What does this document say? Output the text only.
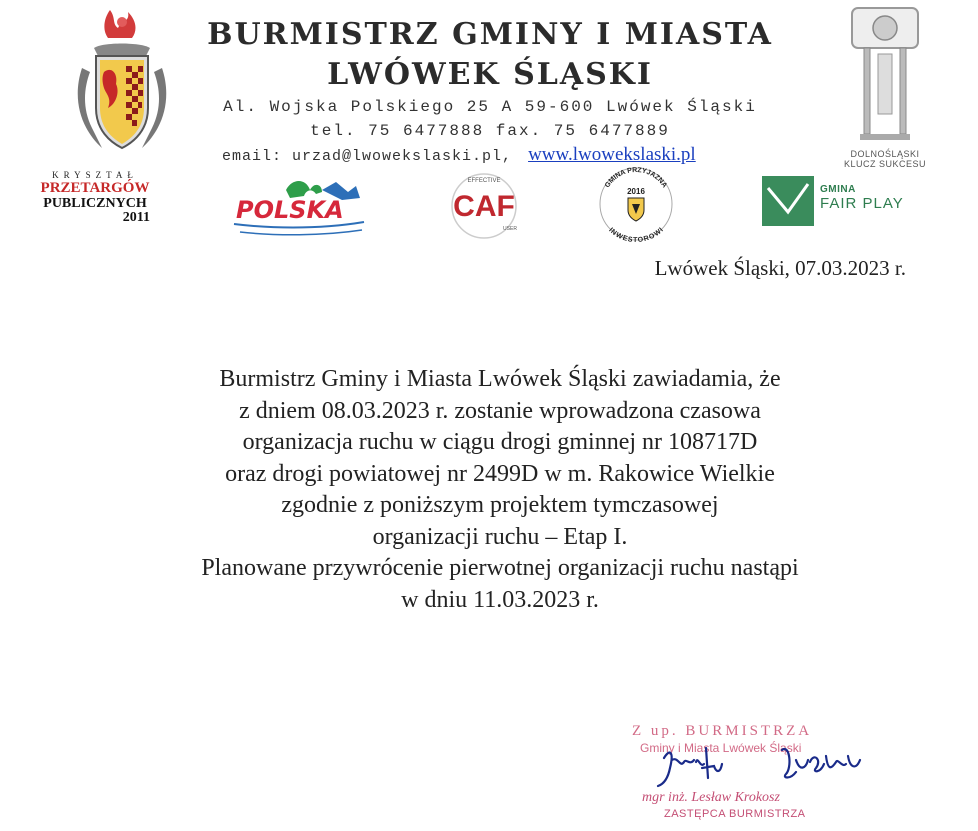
KRYSZTAŁ
PRZETARGÓW
PUBLICZNYCH
2011
BURMISTRZ GMINY I MIASTA
LWÓWEK ŚLĄSKI
Al. Wojska Polskiego 25 A 59-600 Lwówek Śląski
tel. 75 6477888 fax. 75 6477889
email: urzad@lwowekslaski.pl, www.lwowekslaski.pl
POLSKA
EFFECTIVE
CAF
USER
GMINA PRZYJAZNA
INWESTOROWI
2016	GMINA
FAIR PLAY
DOLNOŚLĄSKI
KLUCZ SUKCESU
Lwówek Śląski, 07.03.2023 r.
Burmistrz Gminy i Miasta Lwówek Śląski zawiadamia, że
z dniem 08.03.2023 r. zostanie wprowadzona czasowa
organizacja ruchu w ciągu drogi gminnej nr 108717D
oraz drogi powiatowej nr 2499D w m. Rakowice Wielkie
zgodnie z poniższym projektem tymczasowej
organizacji ruchu – Etap I.
Planowane przywrócenie pierwotnej organizacji ruchu nastąpi
w dniu 11.03.2023 r.
Z up. BURMISTRZA
Gminy i Miasta Lwówek Śląski
mgr inż. Lesław Krokosz
ZASTĘPCA BURMISTRZA
